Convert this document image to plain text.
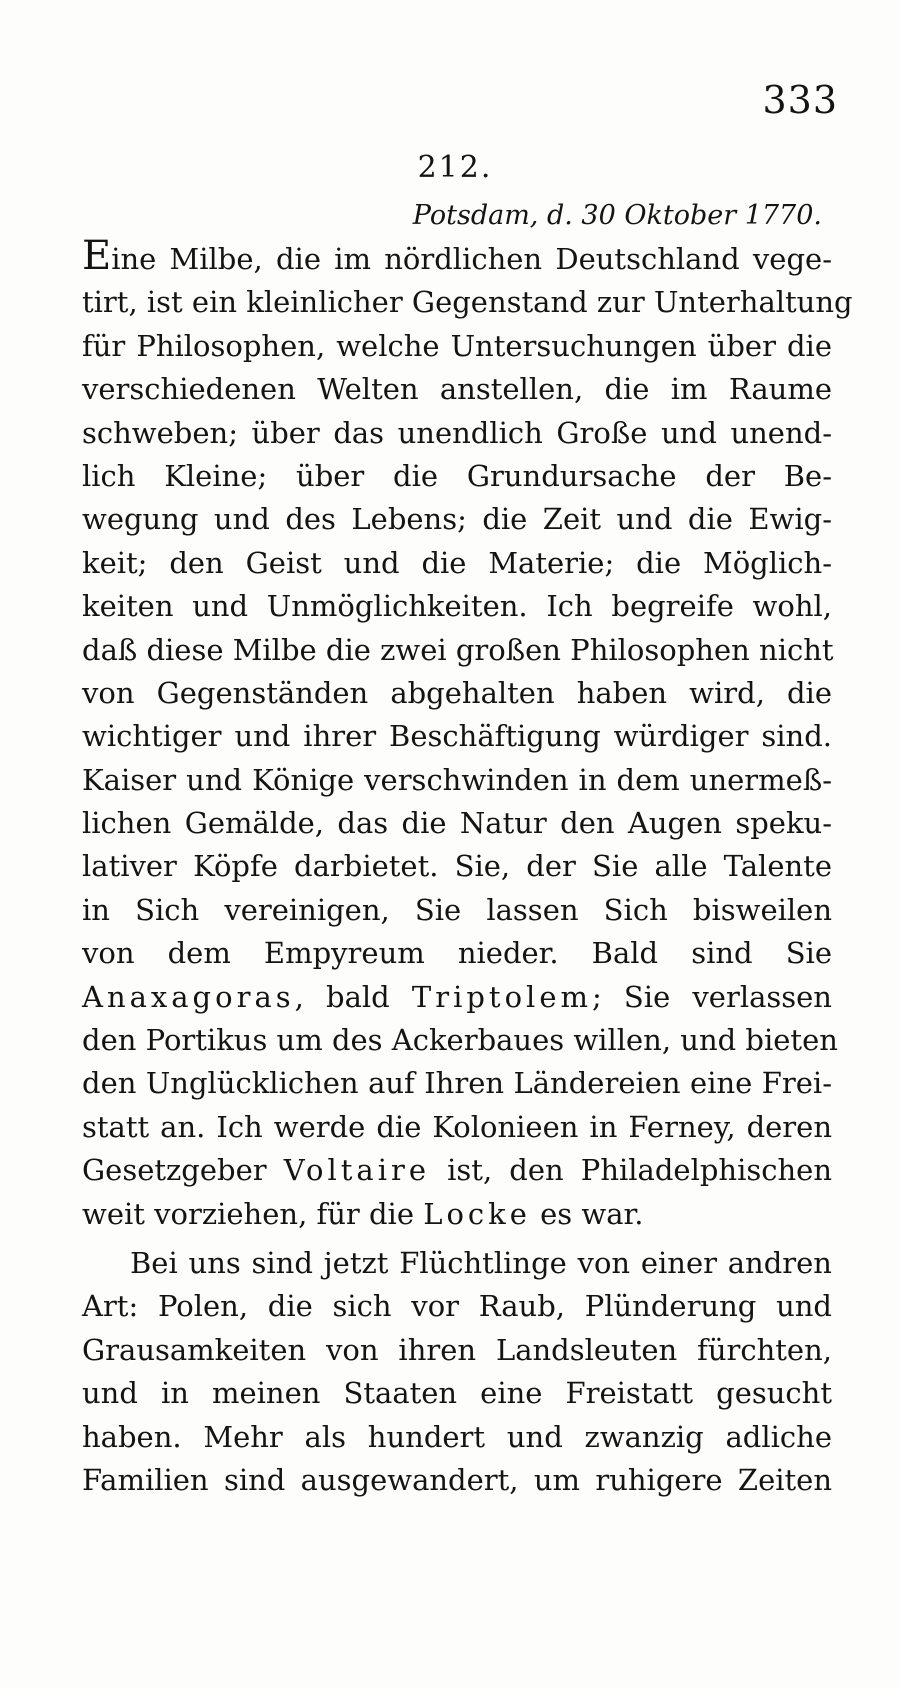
333
212.
Potsdam, d. 30 Oktober 1770.
Eine Milbe, die im nördlichen Deutschland vege-
tirt, ist ein kleinlicher Gegenstand zur Unterhaltung
für Philosophen, welche Untersuchungen über die
verschiedenen Welten anstellen, die im Raume
schweben; über das unendlich Große und unend-
lich Kleine; über die Grundursache der Be-
wegung und des Lebens; die Zeit und die Ewig-
keit; den Geist und die Materie; die Möglich-
keiten und Unmöglichkeiten. Ich begreife wohl,
daß diese Milbe die zwei großen Philosophen nicht
von Gegenständen abgehalten haben wird, die
wichtiger und ihrer Beschäftigung würdiger sind.
Kaiser und Könige verschwinden in dem unermeß-
lichen Gemälde, das die Natur den Augen speku-
lativer Köpfe darbietet. Sie, der Sie alle Talente
in Sich vereinigen, Sie lassen Sich bisweilen
von dem Empyreum nieder. Bald sind Sie
Anaxagoras, bald Triptolem; Sie verlassen
den Portikus um des Ackerbaues willen, und bieten
den Unglücklichen auf Ihren Ländereien eine Frei-
statt an. Ich werde die Kolonieen in Ferney, deren
Gesetzgeber Voltaire ist, den Philadelphischen
weit vorziehen, für die Locke es war.
Bei uns sind jetzt Flüchtlinge von einer andren
Art: Polen, die sich vor Raub, Plünderung und
Grausamkeiten von ihren Landsleuten fürchten,
und in meinen Staaten eine Freistatt gesucht
haben. Mehr als hundert und zwanzig adliche
Familien sind ausgewandert, um ruhigere Zeiten
